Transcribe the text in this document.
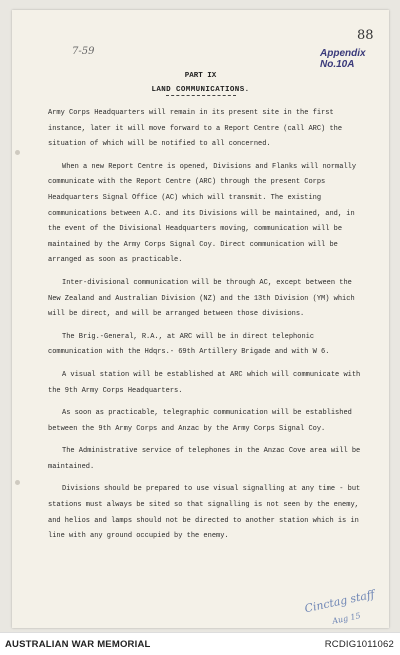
7-59
88
Appendix No.10A
PART IX
LAND COMMUNICATIONS.

Army Corps Headquarters will remain in its present site in the first instance, later it will move forward to a Report Centre (call ARC) the situation of which will be notified to all concerned.

When a new Report Centre is opened, Divisions and Flanks will normally communicate with the Report Centre (ARC) through the present Corps Headquarters Signal Office (AC) which will transmit. The existing communications between A.C. and its Divisions will be maintained, and, in the event of the Divisional Headquarters moving, communication will be maintained by the Army Corps Signal Coy. Direct communication will be arranged as soon as practicable.

Inter-divisional communication will be through AC, except between the New Zealand and Australian Division (NZ) and the 13th Division (YM) which will be direct, and will be arranged between those divisions.

The Brig.-General, R.A., at ARC will be in direct telephonic communication with the Hdqrs.- 69th Artillery Brigade and with W 6.

A visual station will be established at ARC which will communicate with the 9th Army Corps Headquarters.

As soon as practicable, telegraphic communication will be established between the 9th Army Corps and Anzac by the Army Corps Signal Coy.

The Administrative service of telephones in the Anzac Cove area will be maintained.

Divisions should be prepared to use visual signalling at any time - but stations must always be sited so that signalling is not seen by the enemy, and helios and lamps should not be directed to another station which is in line with any ground occupied by the enemy.

Cinctag staff
Aug 15
AUSTRALIAN WAR MEMORIAL	RCDIG1011062
